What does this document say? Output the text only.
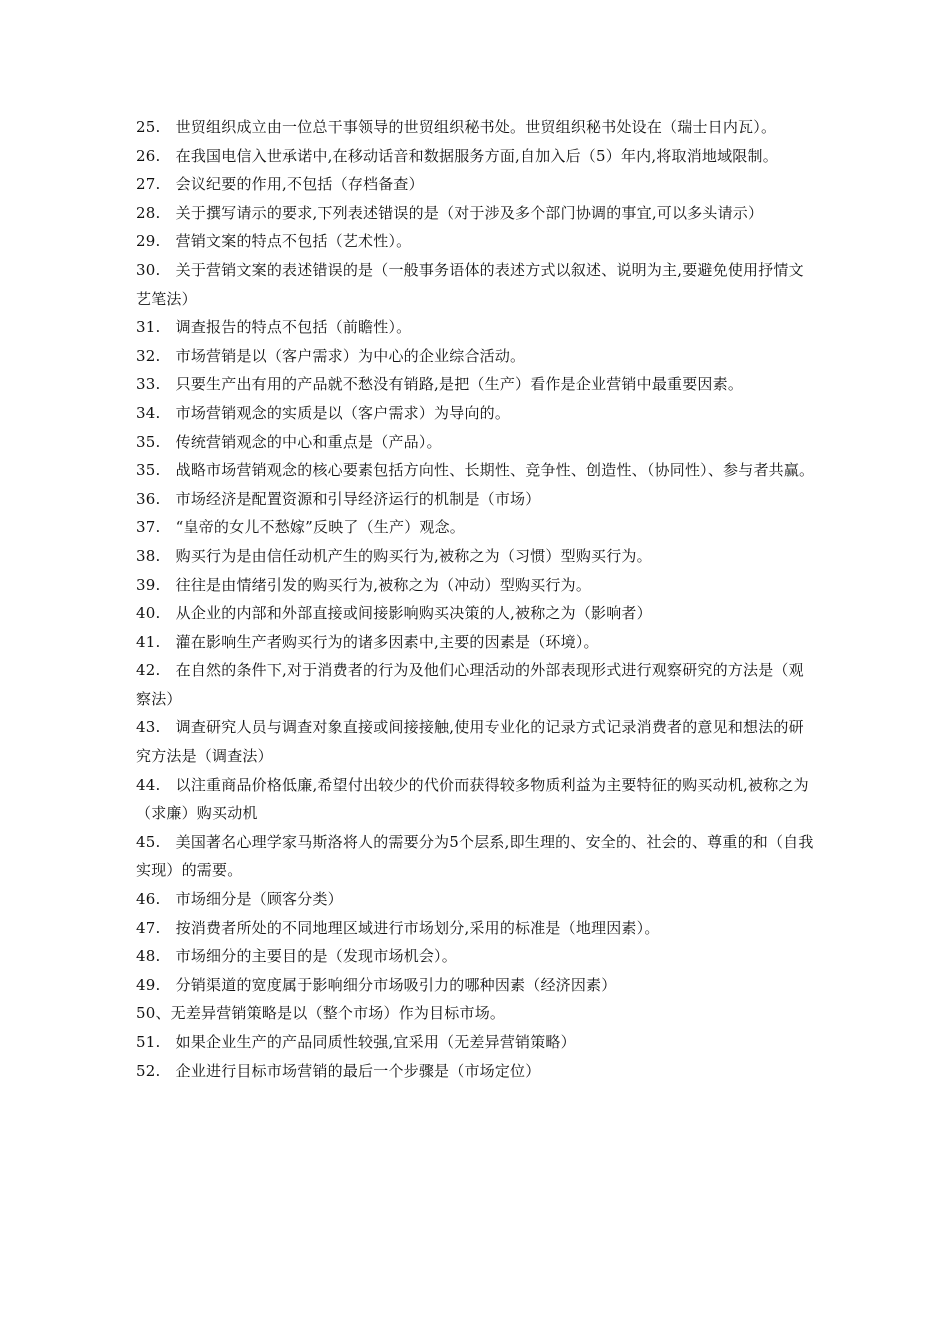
25.　世贸组织成立由一位总干事领导的世贸组织秘书处。世贸组织秘书处设在（瑞士日内瓦）。

26.　在我国电信入世承诺中,在移动话音和数据服务方面,自加入后（5）年内,将取消地域限制。

27.　会议纪要的作用,不包括（存档备查）

28.　关于撰写请示的要求,下列表述错误的是（对于涉及多个部门协调的事宜,可以多头请示）

29.　营销文案的特点不包括（艺术性）。

30.　关于营销文案的表述错误的是（一般事务语体的表述方式以叙述、说明为主,要避免使用抒情文艺笔法）

31.　调查报告的特点不包括（前瞻性）。

32.　市场营销是以（客户需求）为中心的企业综合活动。

33.　只要生产出有用的产品就不愁没有销路,是把（生产）看作是企业营销中最重要因素。

34.　市场营销观念的实质是以（客户需求）为导向的。

35.　传统营销观念的中心和重点是（产品）。

35.　战略市场营销观念的核心要素包括方向性、长期性、竞争性、创造性、（协同性）、参与者共赢。

36.　市场经济是配置资源和引导经济运行的机制是（市场）

37.　“皇帝的女儿不愁嫁”反映了（生产）观念。

38.　购买行为是由信任动机产生的购买行为,被称之为（习惯）型购买行为。

39.　往往是由情绪引发的购买行为,被称之为（冲动）型购买行为。

40.　从企业的内部和外部直接或间接影响购买决策的人,被称之为（影响者）

41.　灌在影响生产者购买行为的诸多因素中,主要的因素是（环境）。

42.　在自然的条件下,对于消费者的行为及他们心理活动的外部表现形式进行观察研究的方法是（观察法）

43.　调查研究人员与调查对象直接或间接接触,使用专业化的记录方式记录消费者的意见和想法的研究方法是（调查法）

44.　以注重商品价格低廉,希望付出较少的代价而获得较多物质利益为主要特征的购买动机,被称之为（求廉）购买动机

45.　美国著名心理学家马斯洛将人的需要分为5个层系,即生理的、安全的、社会的、尊重的和（自我实现）的需要。

46.　市场细分是（顾客分类）

47.　按消费者所处的不同地理区域进行市场划分,采用的标准是（地理因素）。

48.　市场细分的主要目的是（发现市场机会）。

49.　分销渠道的宽度属于影响细分市场吸引力的哪种因素（经济因素）

50、无差异营销策略是以（整个市场）作为目标市场。

51.　如果企业生产的产品同质性较强,宜采用（无差异营销策略）

52.　企业进行目标市场营销的最后一个步骤是（市场定位）
